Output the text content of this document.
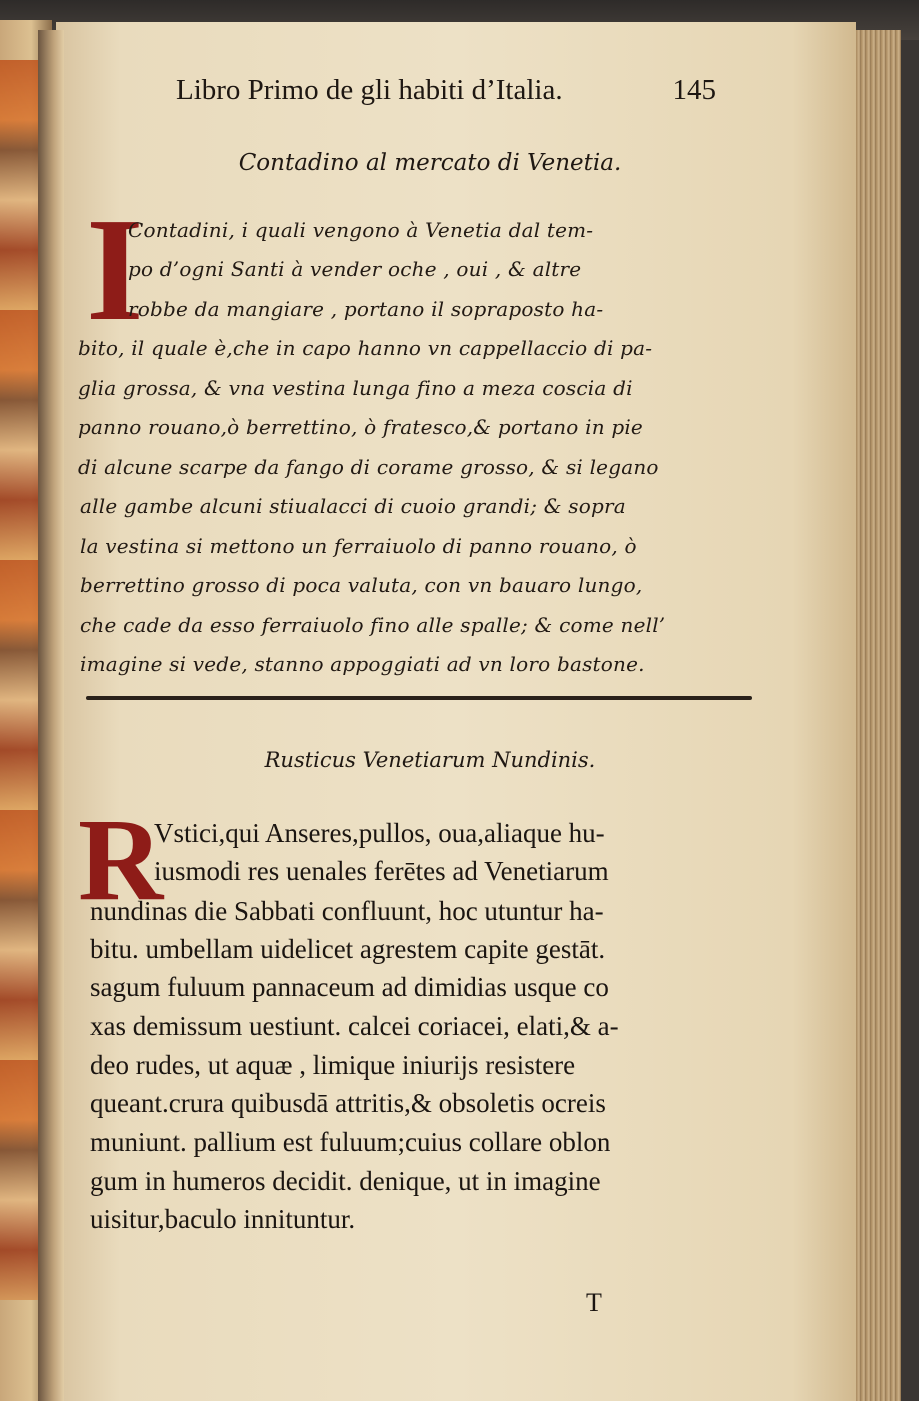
Libro Primo de gli habiti d’Italia.	145
Contadino al mercato di Venetia.
I
Contadini, i quali vengono à Venetia dal tem-
po d’ogni Santi à vender oche , oui , & altre
robbe da mangiare , portano il sopraposto ha-
bito, il quale è,che in capo hanno vn cappellaccio di pa-
glia grossa, & vna vestina lunga fino a meza coscia di
panno rouano,ò berrettino, ò fratesco,& portano in pie
di alcune scarpe da fango di corame grosso, & si legano
alle gambe alcuni stiualacci di cuoio grandi; & sopra
la vestina si mettono un ferraiuolo di panno rouano, ò
berrettino grosso di poca valuta, con vn bauaro lungo,
che cade da esso ferraiuolo fino alle spalle; & come nell’
imagine si vede, stanno appoggiati ad vn loro bastone.
Rusticus Venetiarum Nundinis.
R
Vstici,qui Anseres,pullos, oua,aliaque hu-
iusmodi res uenales ferētes ad Venetiarum
nundinas die Sabbati confluunt, hoc utuntur ha-
bitu. umbellam uidelicet agrestem capite gestāt.
sagum fuluum pannaceum ad dimidias usque co
xas demissum uestiunt. calcei coriacei, elati,& a-
deo rudes, ut aquæ , limique iniurijs resistere
queant.crura quibusdā attritis,& obsoletis ocreis
muniunt. pallium est fuluum;cuius collare oblon
gum in humeros decidit. denique, ut in imagine
uisitur,baculo innituntur.
T
